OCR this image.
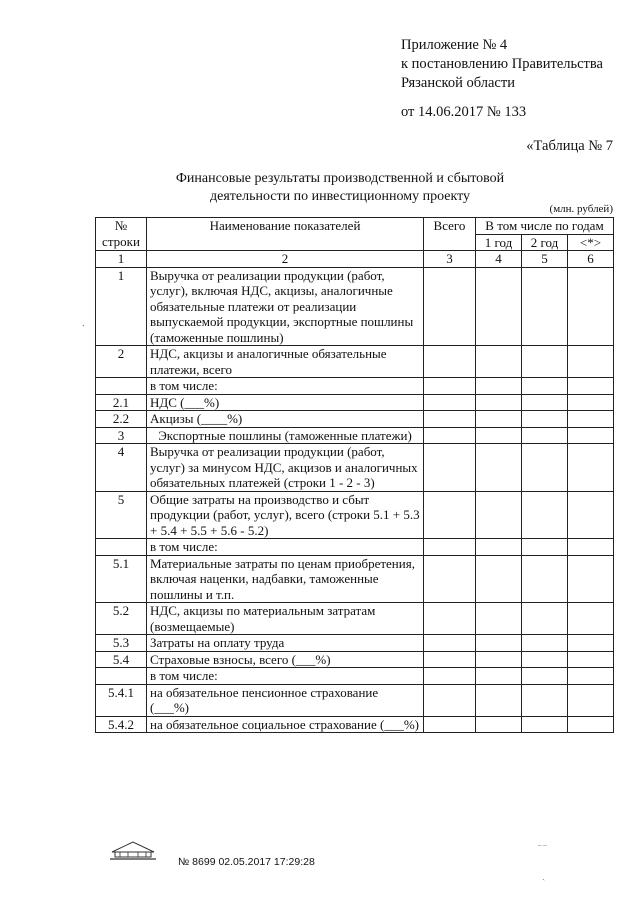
Приложение № 4
к постановлению Правительства
Рязанской области
от 14.06.2017 № 133
«Таблица № 7
Финансовые результаты производственной и сбытовой
деятельности по инвестиционному проекту
(млн. рублей)
№ строки	Наименование показателей	Всего	В том числе по годам		
			1 год	2 год	<*>
1	2	3	4	5	6
1	Выручка от реализации продукции (работ, услуг), включая НДС, акцизы, аналогичные обязательные платежи от реализации выпускаемой продукции, экспортные пошлины (таможенные пошлины)				
2	НДС, акцизы и аналогичные обязательные платежи, всего				
	в том числе:				
2.1	НДС (___%)				
2.2	Акцизы (____%)				
3	Экспортные пошлины (таможенные платежи)				
4	Выручка от реализации продукции (работ, услуг) за минусом НДС, акцизов и аналогичных обязательных платежей (строки 1 - 2 - 3)				
5	Общие затраты на производство и сбыт продукции (работ, услуг), всего (строки 5.1 + 5.3 + 5.4 + 5.5 + 5.6 - 5.2)				
	в том числе:				
5.1	Материальные затраты по ценам приобретения, включая наценки, надбавки, таможенные пошлины и т.п.				
5.2	НДС, акцизы по материальным затратам (возмещаемые)				
5.3	Затраты на оплату труда				
5.4	Страховые взносы, всего (___%)				
	в том числе:				
5.4.1	на обязательное пенсионное страхование (___%)				
5.4.2	на обязательное социальное страхование (___%)				
№ 8699 02.05.2017 17:29:28
⸱
⁻⁻
ˎ
